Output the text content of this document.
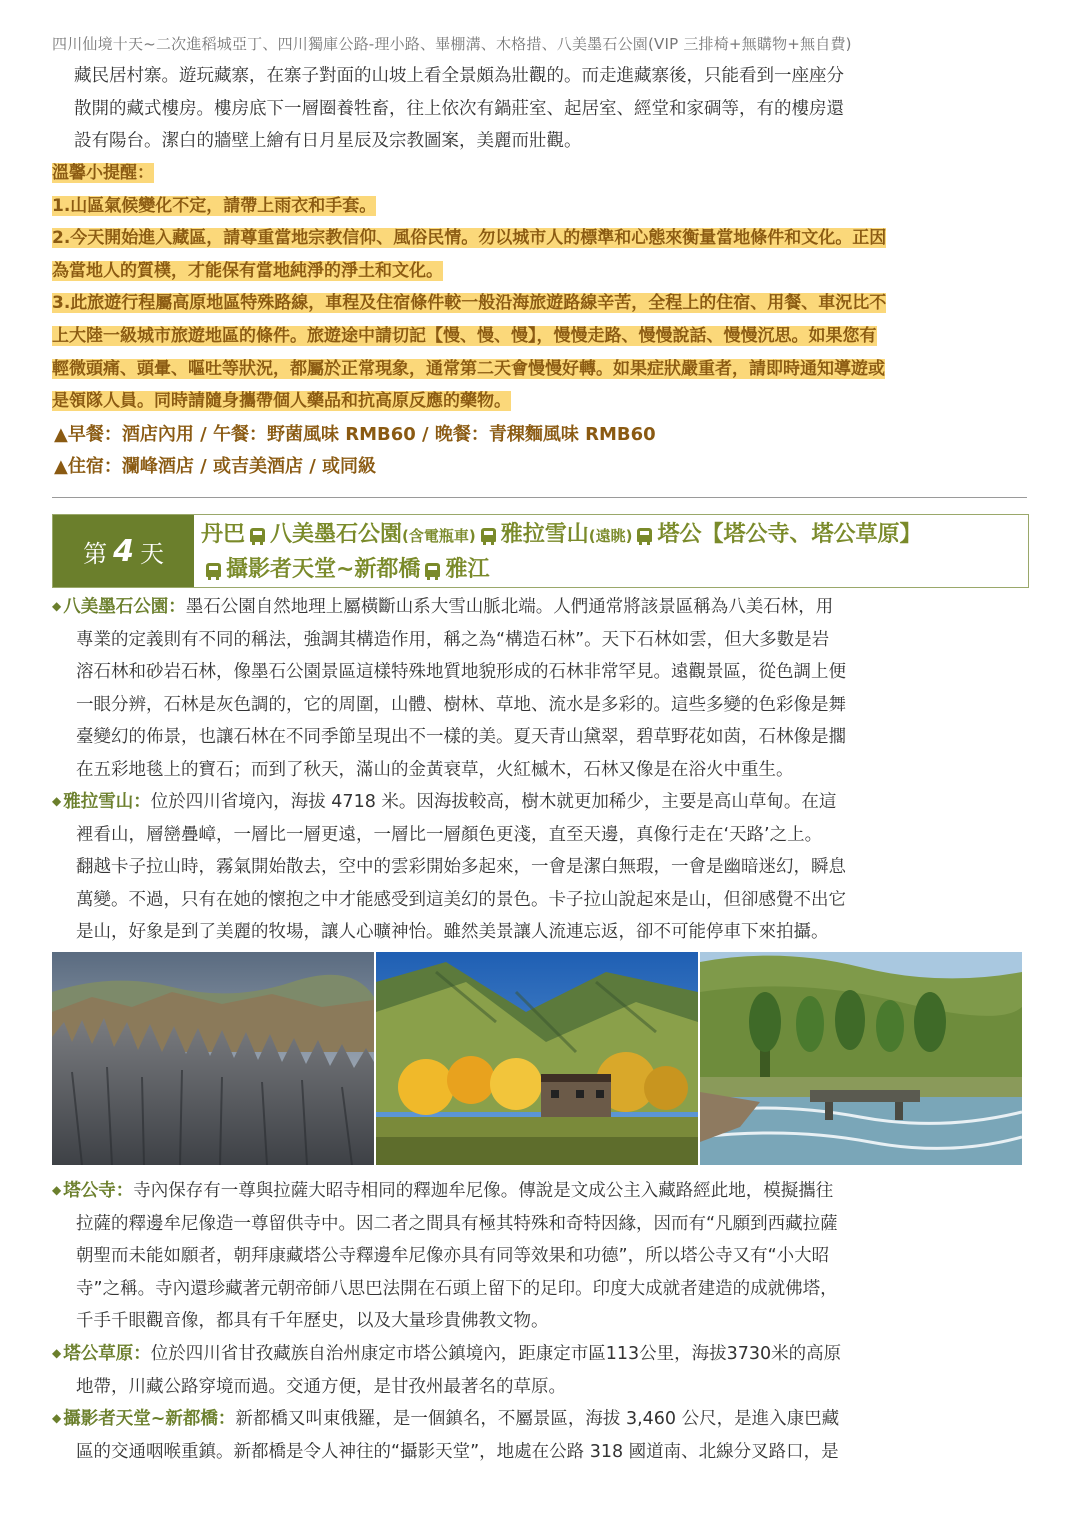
四川仙境十天~二次進稻城亞丁、四川獨庫公路-理小路、畢棚溝、木格措、八美墨石公園(VIP 三排椅+無購物+無自費)
藏民居村寨。遊玩藏寨，在寨子對面的山坡上看全景頗為壯觀的。而走進藏寨後，只能看到一座座分
散開的藏式樓房。樓房底下一層圈養牲畜，往上依次有鍋莊室、起居室、經堂和家碉等，有的樓房還
設有陽台。潔白的牆壁上繪有日月星辰及宗教圖案，美麗而壯觀。
溫馨小提醒：
1.山區氣候變化不定，請帶上雨衣和手套。
2.今天開始進入藏區，請尊重當地宗教信仰、風俗民情。勿以城市人的標準和心態來衡量當地條件和文化。正因
為當地人的質樸，才能保有當地純淨的淨土和文化。
3.此旅遊行程屬高原地區特殊路線，車程及住宿條件較一般沿海旅遊路線辛苦，全程上的住宿、用餐、車況比不
上大陸一級城市旅遊地區的條件。旅遊途中請切記【慢、慢、慢】，慢慢走路、慢慢說話、慢慢沉思。如果您有
輕微頭痛、頭暈、嘔吐等狀況，都屬於正常現象，通常第二天會慢慢好轉。如果症狀嚴重者，請即時通知導遊或
是領隊人員。同時請隨身攜帶個人藥品和抗高原反應的藥物。
▲早餐：酒店內用 / 午餐：野菌風味 RMB60 / 晚餐：青稞麵風味 RMB60
▲住宿：瀾峰酒店 / 或吉美酒店 / 或同級
第 4 天
丹巴 八美墨石公園(含電瓶車) 雅拉雪山(遠眺) 塔公【塔公寺、塔公草原】
攝影者天堂~新都橋 雅江
◆ 八美墨石公園：墨石公園自然地理上屬橫斷山系大雪山脈北端。人們通常將該景區稱為八美石林，用
專業的定義則有不同的稱法，強調其構造作用，稱之為“構造石林”。天下石林如雲，但大多數是岩
溶石林和砂岩石林，像墨石公園景區這樣特殊地質地貌形成的石林非常罕見。遠觀景區，從色調上便
一眼分辨，石林是灰色調的，它的周圍，山體、樹林、草地、流水是多彩的。這些多變的色彩像是舞
臺變幻的佈景，也讓石林在不同季節呈現出不一樣的美。夏天青山黛翠，碧草野花如茵，石林像是擱
在五彩地毯上的寶石；而到了秋天，滿山的金黃衰草，火紅槭木，石林又像是在浴火中重生。
◆ 雅拉雪山：位於四川省境內，海拔 4718 米。因海拔較高，樹木就更加稀少，主要是高山草甸。在這
裡看山，層巒疊嶂，一層比一層更遠，一層比一層顏色更淺，直至天邊，真像行走在‘天路’之上。
翻越卡子拉山時，霧氣開始散去，空中的雲彩開始多起來，一會是潔白無瑕，一會是幽暗迷幻，瞬息
萬變。不過，只有在她的懷抱之中才能感受到這美幻的景色。卡子拉山說起來是山，但卻感覺不出它
是山，好象是到了美麗的牧場，讓人心曠神怡。雖然美景讓人流連忘返，卻不可能停車下來拍攝。
◆ 塔公寺：寺內保存有一尊與拉薩大昭寺相同的釋迦牟尼像。傳說是文成公主入藏路經此地，模擬攜往
拉薩的釋邊牟尼像造一尊留供寺中。因二者之間具有極其特殊和奇特因緣，因而有“凡願到西藏拉薩
朝聖而未能如願者，朝拜康藏塔公寺釋邊牟尼像亦具有同等效果和功德”，所以塔公寺又有“小大昭
寺”之稱。寺內還珍藏著元朝帝師八思巴法開在石頭上留下的足印。印度大成就者建造的成就佛塔，
千手千眼觀音像，都具有千年歷史，以及大量珍貴佛教文物。
◆ 塔公草原：位於四川省甘孜藏族自治州康定市塔公鎮境內，距康定市區113公里，海拔3730米的高原
地帶，川藏公路穿境而過。交通方便，是甘孜州最著名的草原。
◆ 攝影者天堂~新都橋：新都橋又叫東俄羅，是一個鎮名，不屬景區，海拔 3,460 公尺，是進入康巴藏
區的交通咽喉重鎮。新都橋是令人神往的“攝影天堂”，地處在公路 318 國道南、北線分叉路口，是
